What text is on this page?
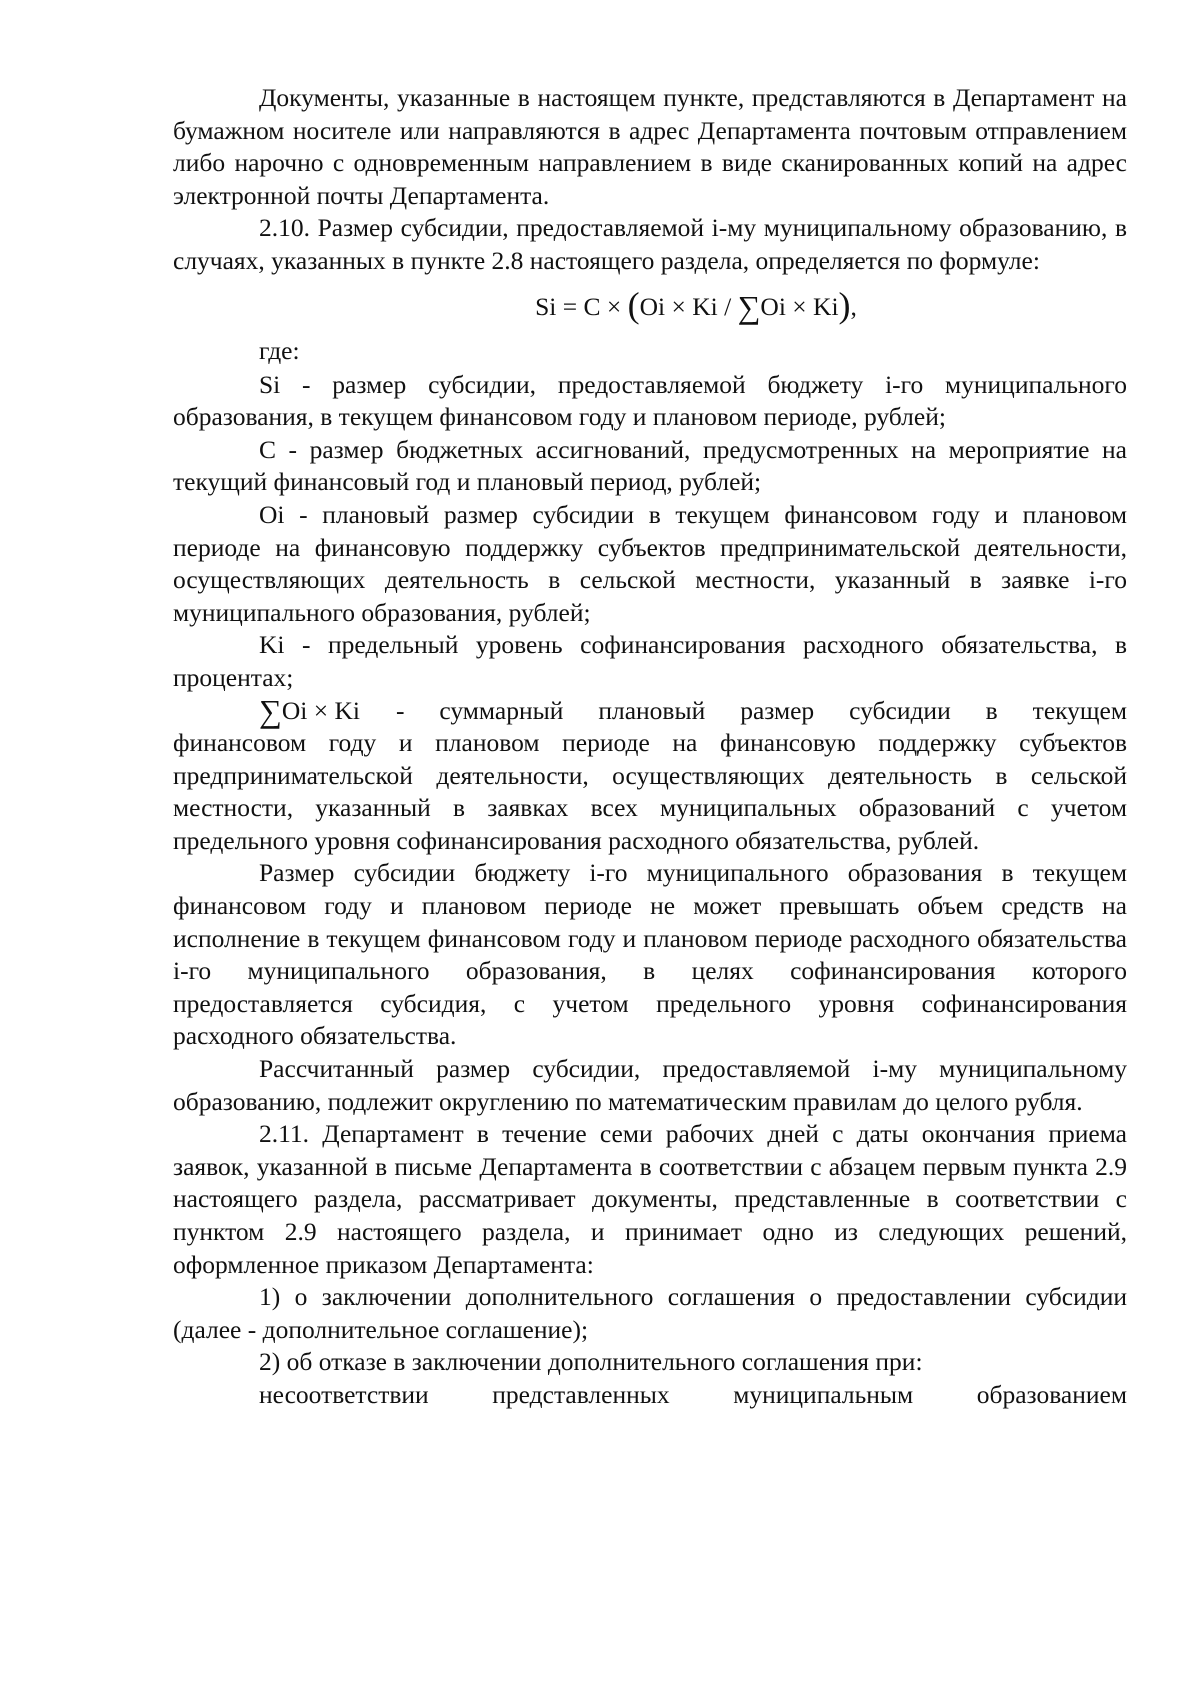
Документы, указанные в настоящем пункте, представляются в Департамент на бумажном носителе или направляются в адрес Департамента почтовым отправлением либо нарочно с одновременным направлением в виде сканированных копий на адрес электронной почты Департамента.

2.10. Размер субсидии, предоставляемой i-му муниципальному образованию, в случаях, указанных в пункте 2.8 настоящего раздела, определяется по формуле:

Si = C × (Oi × Ki / ∑Oi × Ki),

где:

Si - размер субсидии, предоставляемой бюджету i-го муниципального образования, в текущем финансовом году и плановом периоде, рублей;

С - размер бюджетных ассигнований, предусмотренных на мероприятие на текущий финансовый год и плановый период, рублей;

Oi - плановый размер субсидии в текущем финансовом году и плановом периоде на финансовую поддержку субъектов предпринимательской деятельности, осуществляющих деятельность в сельской местности, указанный в заявке i-го муниципального образования, рублей;

Ki - предельный уровень софинансирования расходного обязательства, в процентах;

∑Oi × Ki - суммарный плановый размер субсидии в текущем

финансовом году и плановом периоде на финансовую поддержку субъектов предпринимательской деятельности, осуществляющих деятельность в сельской местности, указанный в заявках всех муниципальных образований с учетом предельного уровня софинансирования расходного обязательства, рублей.

Размер субсидии бюджету i-го муниципального образования в текущем финансовом году и плановом периоде не может превышать объем средств на исполнение в текущем финансовом году и плановом периоде расходного обязательства i-го муниципального образования, в целях софинансирования которого предоставляется субсидия, с учетом предельного уровня софинансирования расходного обязательства.

Рассчитанный размер субсидии, предоставляемой i-му муниципальному образованию, подлежит округлению по математическим правилам до целого рубля.

2.11. Департамент в течение семи рабочих дней с даты окончания приема заявок, указанной в письме Департамента в соответствии с абзацем первым пункта 2.9 настоящего раздела, рассматривает документы, представленные в соответствии с пунктом 2.9 настоящего раздела, и принимает одно из следующих решений, оформленное приказом Департамента:

1) о заключении дополнительного соглашения о предоставлении субсидии (далее - дополнительное соглашение);

2) об отказе в заключении дополнительного соглашения при:

несоответствии представленных муниципальным образованием
